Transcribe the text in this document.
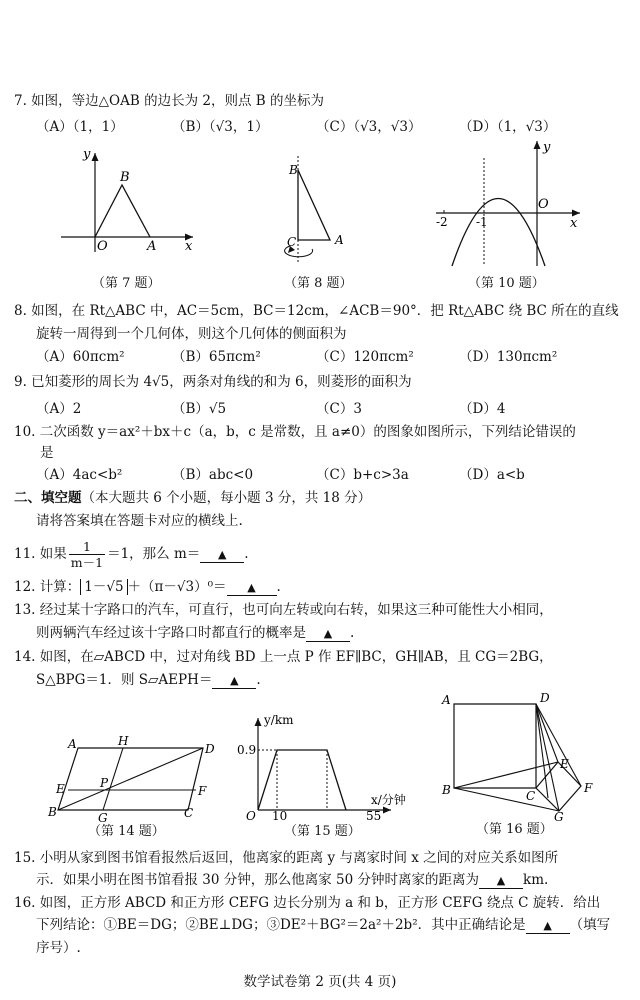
7. 如图，等边△OAB 的边长为 2，则点 B 的坐标为
（A）（1，1）	（B）（√3，1）	（C）（√3，√3）	（D）（1，√3）
y
B
O	A x
（第 7 题）
B
C	A
（第 8 题）
y
O
-2 -1	x
（第 10 题）
8. 如图，在 Rt△ABC 中，AC＝5cm，BC＝12cm，∠ACB＝90°．把 Rt△ABC 绕 BC 所在的直线
旋转一周得到一个几何体，则这个几何体的侧面积为
（A）60πcm²	（B）65πcm²	（C）120πcm²	（D）130πcm²
9. 已知菱形的周长为 4√5，两条对角线的和为 6，则菱形的面积为
（A）2	（B）√5	（C）3	（D）4
10. 二次函数 y＝ax²＋bx＋c（a，b，c 是常数，且 a≠0）的图象如图所示，下列结论错误的
是
（A）4ac<b²	（B）abc<0	（C）b+c>3a	（D）a<b
二、填空题（本大题共 6 个小题，每小题 3 分，共 18 分）
请将答案填在答题卡对应的横线上.
11. 如果 $\frac{1}{m-1} =1$，那么 m＝ ▲ .
12. 计算： 1－√5 ＋（π－√3）⁰＝ ▲ .
13. 经过某十字路口的汽车，可直行，也可向左转或向右转，如果这三种可能性大小相同，
则两辆汽车经过该十字路口时都直行的概率是 ▲ .
14. 如图，在▱ABCD 中，过对角线 BD 上一点 P 作 EF∥BC，GH∥AB，且 CG＝2BG，
S△BPG＝1．则 S▱AEPH＝ ▲ .
A	H
D
E	P
F
B	G	C
（第 14 题）
y/km
0.9
x/分钟
O 10	55
（第 15 题）
A	D
E
B	C
F
G
（第 16 题）
15. 小明从家到图书馆看报然后返回，他离家的距离 y 与离家时间 x 之间的对应关系如图所
示．如果小明在图书馆看报 30 分钟，那么他离家 50 分钟时离家的距离为 ▲ km.
16. 如图，正方形 ABCD 和正方形 CEFG 边长分别为 a 和 b，正方形 CEFG 绕点 C 旋转．给出
下列结论：①BE＝DG；②BE⊥DG；③DE²＋BG²＝2a²＋2b²．其中正确结论是 ▲ （填写
序号）.
数学试卷第 2 页(共 4 页)
